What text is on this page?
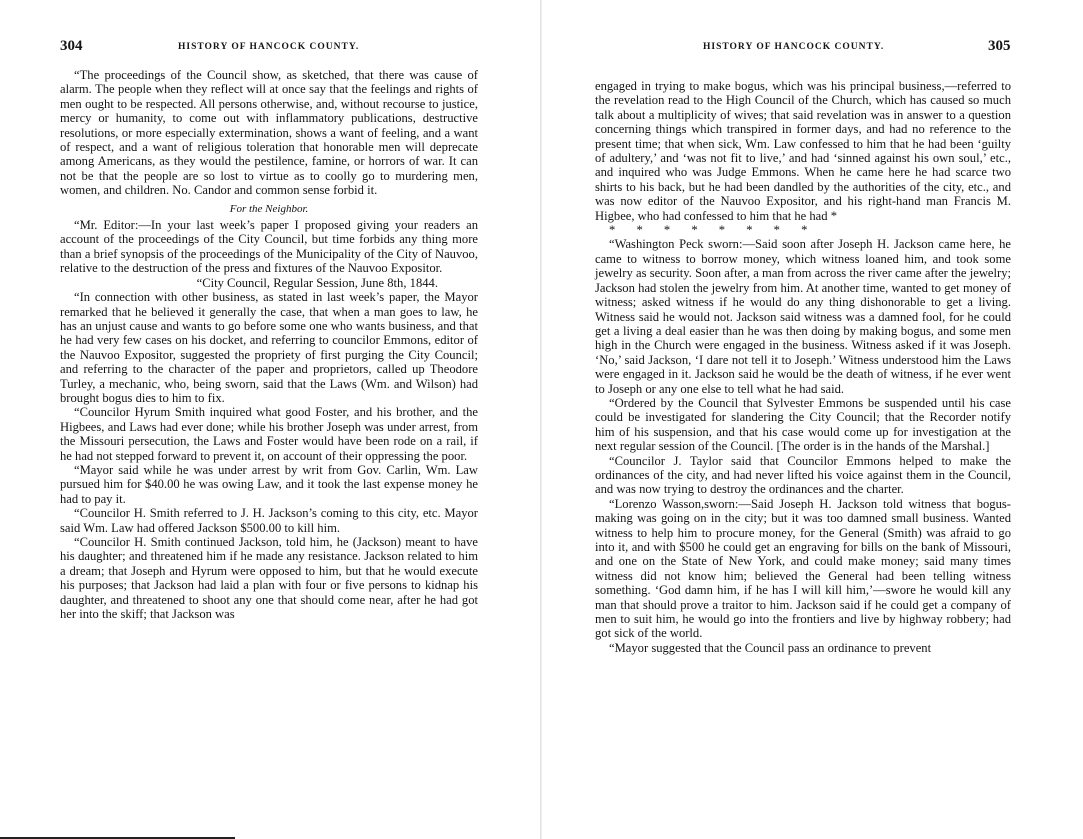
304	HISTORY OF HANCOCK COUNTY.

“The proceedings of the Council show, as sketched, that there was cause of alarm. The people when they reflect will at once say that the feelings and rights of men ought to be respected. All persons otherwise, and, without recourse to justice, mercy or humanity, to come out with inflammatory publications, destructive resolutions, or more especially extermination, shows a want of feeling, and a want of respect, and a want of religious toleration that honorable men will deprecate among Americans, as they would the pestilence, famine, or horrors of war. It can not be that the people are so lost to virtue as to coolly go to murdering men, women, and children. No. Candor and common sense forbid it.

For the Neighbor.

“Mr. Editor:—In your last week’s paper I proposed giving your readers an account of the proceedings of the City Council, but time forbids any thing more than a brief synopsis of the proceedings of the Municipality of the City of Nauvoo, relative to the destruction of the press and fixtures of the Nauvoo Expositor.

“City Council, Regular Session, June 8th, 1844.

“In connection with other business, as stated in last week’s paper, the Mayor remarked that he believed it generally the case, that when a man goes to law, he has an unjust cause and wants to go before some one who wants business, and that he had very few cases on his docket, and referring to councilor Emmons, editor of the Nauvoo Expositor, suggested the propriety of first purging the City Council; and referring to the character of the paper and proprietors, called up Theodore Turley, a mechanic, who, being sworn, said that the Laws (Wm. and Wilson) had brought bogus dies to him to fix.

“Councilor Hyrum Smith inquired what good Foster, and his brother, and the Higbees, and Laws had ever done; while his brother Joseph was under arrest, from the Missouri persecution, the Laws and Foster would have been rode on a rail, if he had not stepped forward to prevent it, on account of their oppressing the poor.

“Mayor said while he was under arrest by writ from Gov. Carlin, Wm. Law pursued him for $40.00 he was owing Law, and it took the last expense money he had to pay it.

“Councilor H. Smith referred to J. H. Jackson’s coming to this city, etc. Mayor said Wm. Law had offered Jackson $500.00 to kill him.

“Councilor H. Smith continued Jackson, told him, he (Jackson) meant to have his daughter; and threatened him if he made any resistance. Jackson related to him a dream; that Joseph and Hyrum were opposed to him, but that he would execute his purposes; that Jackson had laid a plan with four or five persons to kidnap his daughter, and threatened to shoot any one that should come near, after he had got her into the skiff; that Jackson was

HISTORY OF HANCOCK COUNTY.	305

engaged in trying to make bogus, which was his principal business,—referred to the revelation read to the High Council of the Church, which has caused so much talk about a multiplicity of wives; that said revelation was in answer to a question concerning things which transpired in former days, and had no reference to the present time; that when sick, Wm. Law confessed to him that he had been ‘guilty of adultery,’ and ‘was not fit to live,’ and had ‘sinned against his own soul,’ etc., and inquired who was Judge Emmons. When he came here he had scarce two shirts to his back, but he had been dandled by the authorities of the city, etc., and was now editor of the Nauvoo Expositor, and his right-hand man Francis M. Higbee, who had confessed to him that he had *

* * * * * * * *

“Washington Peck sworn:—Said soon after Joseph H. Jackson came here, he came to witness to borrow money, which witness loaned him, and took some jewelry as security. Soon after, a man from across the river came after the jewelry; Jackson had stolen the jewelry from him. At another time, wanted to get money of witness; asked witness if he would do any thing dishonorable to get a living. Witness said he would not. Jackson said witness was a damned fool, for he could get a living a deal easier than he was then doing by making bogus, and some men high in the Church were engaged in the business. Witness asked if it was Joseph. ‘No,’ said Jackson, ‘I dare not tell it to Joseph.’ Witness understood him the Laws were engaged in it. Jackson said he would be the death of witness, if he ever went to Joseph or any one else to tell what he had said.

“Ordered by the Council that Sylvester Emmons be suspended until his case could be investigated for slandering the City Council; that the Recorder notify him of his suspension, and that his case would come up for investigation at the next regular session of the Council. [The order is in the hands of the Marshal.]

“Councilor J. Taylor said that Councilor Emmons helped to make the ordinances of the city, and had never lifted his voice against them in the Council, and was now trying to destroy the ordinances and the charter.

“Lorenzo Wasson,sworn:—Said Joseph H. Jackson told witness that bogus-making was going on in the city; but it was too damned small business. Wanted witness to help him to procure money, for the General (Smith) was afraid to go into it, and with $500 he could get an engraving for bills on the bank of Missouri, and one on the State of New York, and could make money; said many times witness did not know him; believed the General had been telling witness something. ‘God damn him, if he has I will kill him,’—swore he would kill any man that should prove a traitor to him. Jackson said if he could get a company of men to suit him, he would go into the frontiers and live by highway robbery; had got sick of the world.

“Mayor suggested that the Council pass an ordinance to prevent
